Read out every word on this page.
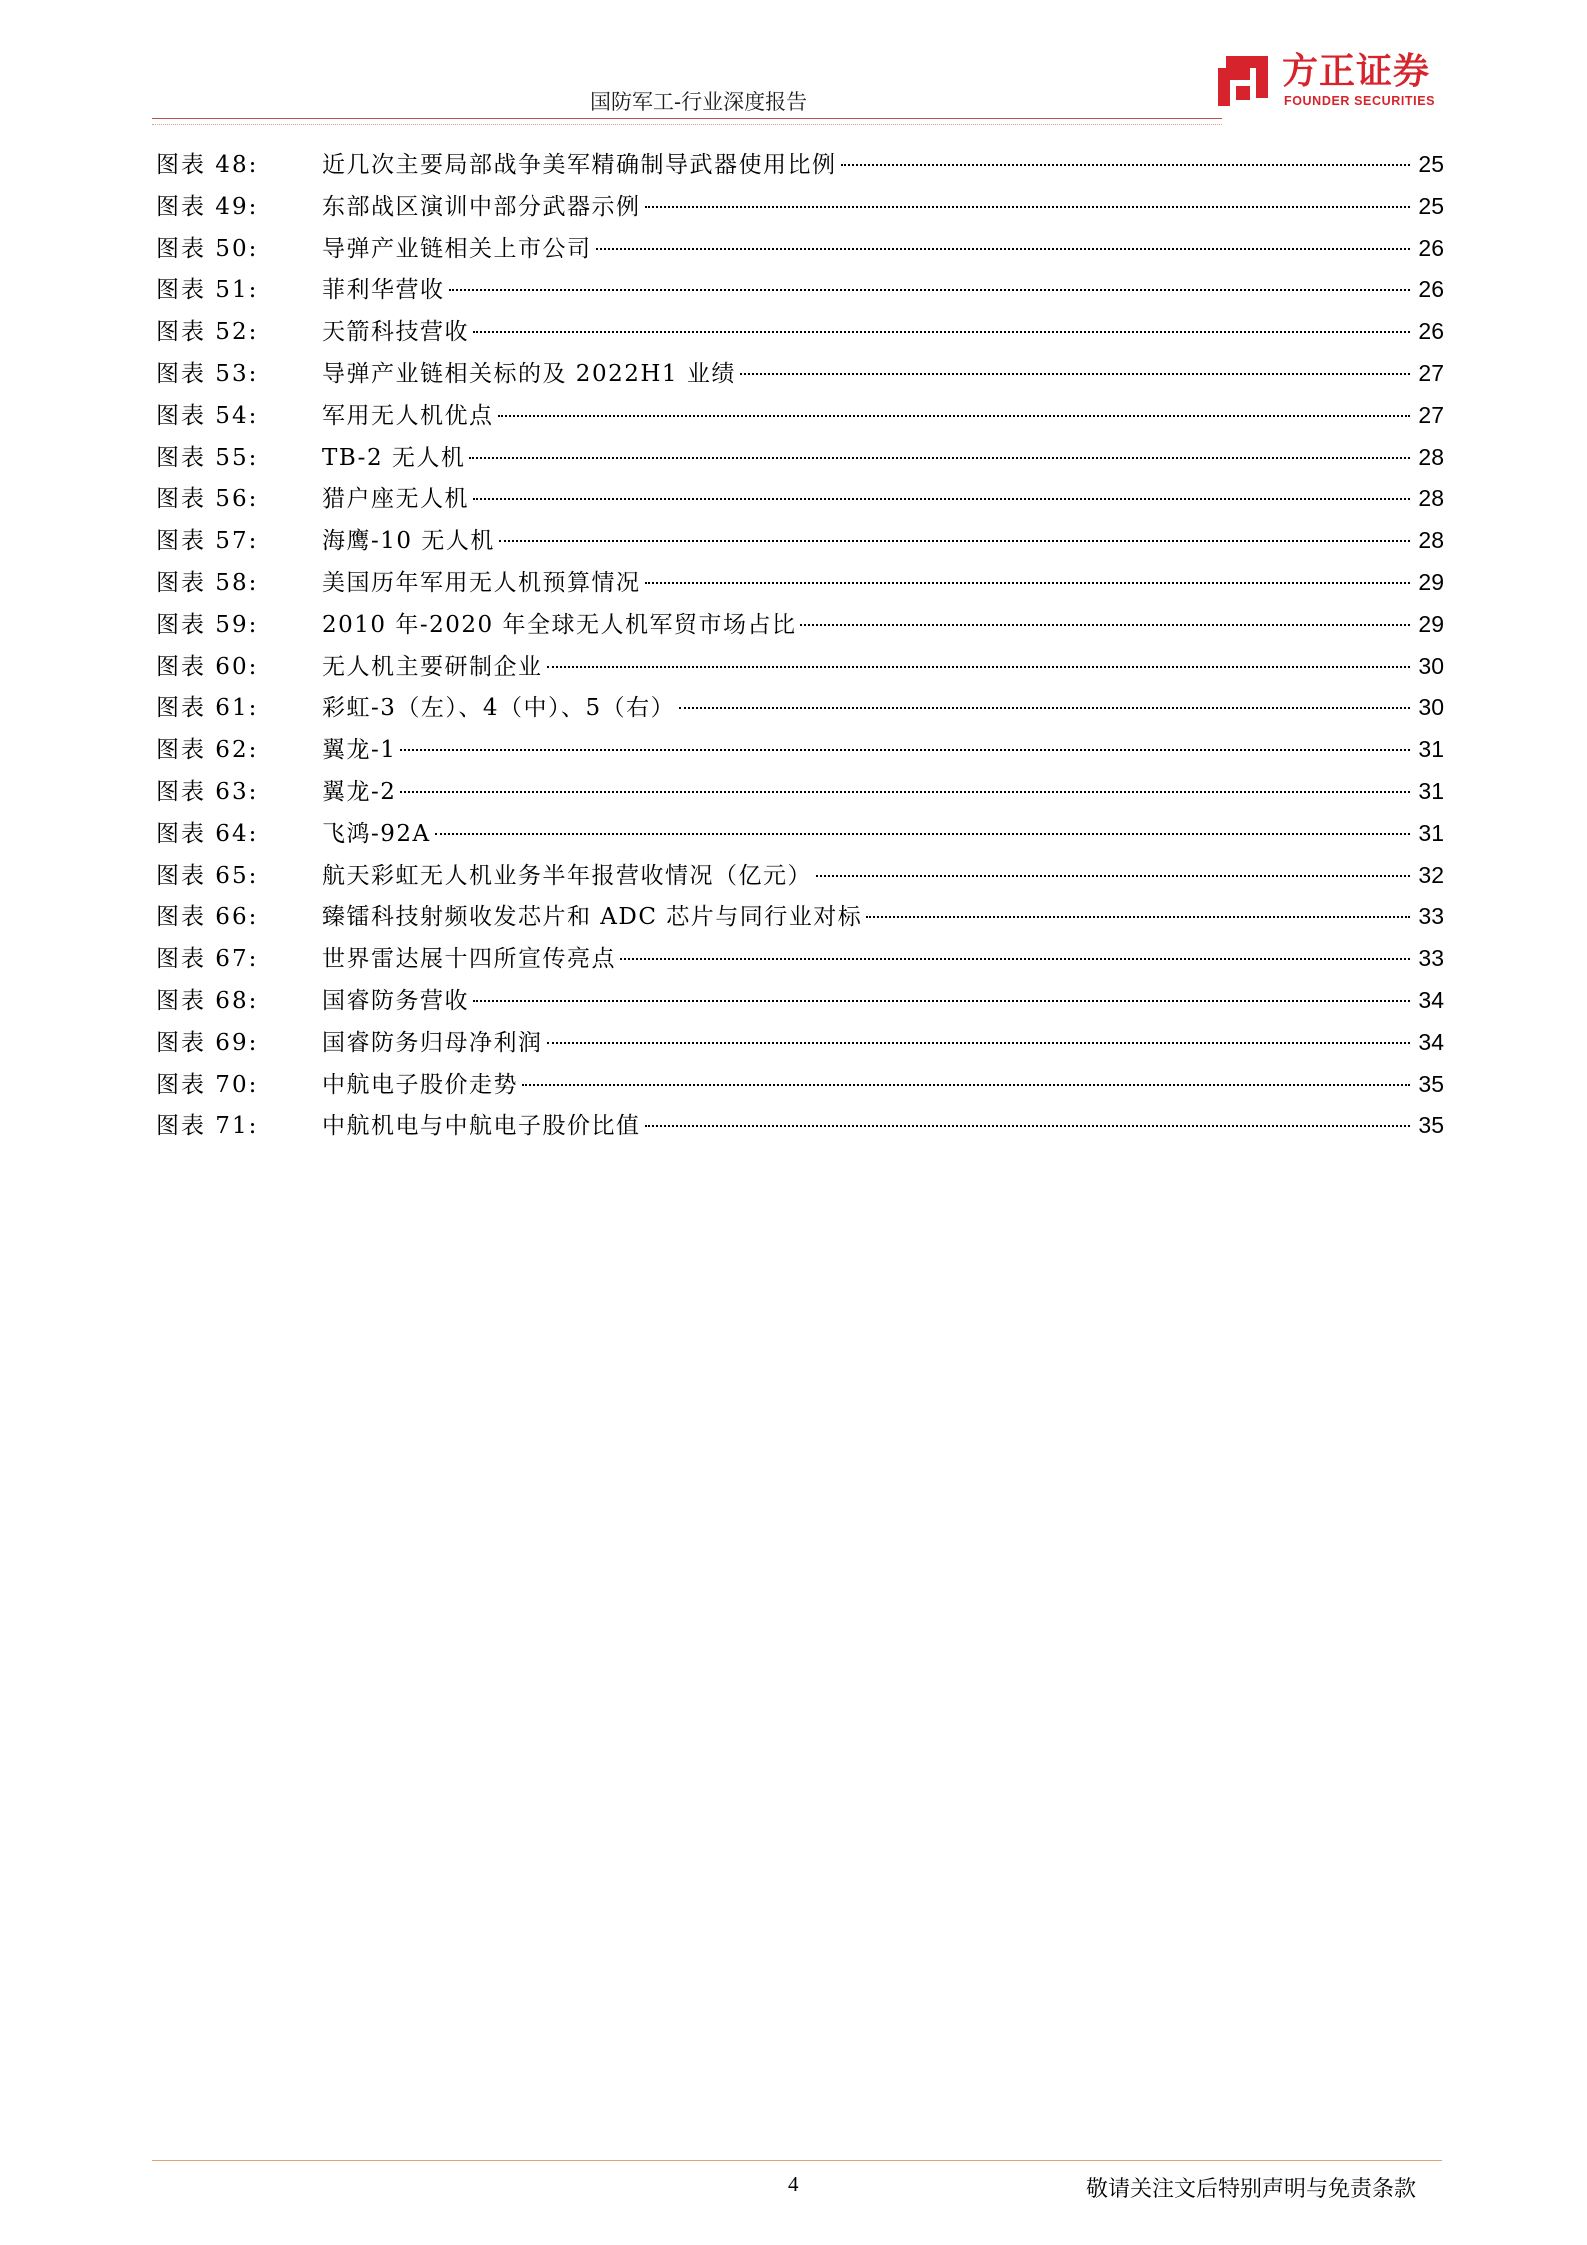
国防军工-行业深度报告
方正证券
FOUNDER SECURITIES
图表 48:	近几次主要局部战争美军精确制导武器使用比例	25
图表 49:	东部战区演训中部分武器示例	25
图表 50:	导弹产业链相关上市公司	26
图表 51:	菲利华营收	26
图表 52:	天箭科技营收	26
图表 53:	导弹产业链相关标的及 2022H1 业绩	27
图表 54:	军用无人机优点	27
图表 55:	TB-2 无人机	28
图表 56:	猎户座无人机	28
图表 57:	海鹰-10 无人机	28
图表 58:	美国历年军用无人机预算情况	29
图表 59:	2010 年-2020 年全球无人机军贸市场占比	29
图表 60:	无人机主要研制企业	30
图表 61:	彩虹-3（左）、4（中）、5（右）	30
图表 62:	翼龙-1	31
图表 63:	翼龙-2	31
图表 64:	飞鸿-92A	31
图表 65:	航天彩虹无人机业务半年报营收情况（亿元）	32
图表 66:	臻镭科技射频收发芯片和 ADC 芯片与同行业对标	33
图表 67:	世界雷达展十四所宣传亮点	33
图表 68:	国睿防务营收	34
图表 69:	国睿防务归母净利润	34
图表 70:	中航电子股价走势	35
图表 71:	中航机电与中航电子股价比值	35
4	敬请关注文后特别声明与免责条款
